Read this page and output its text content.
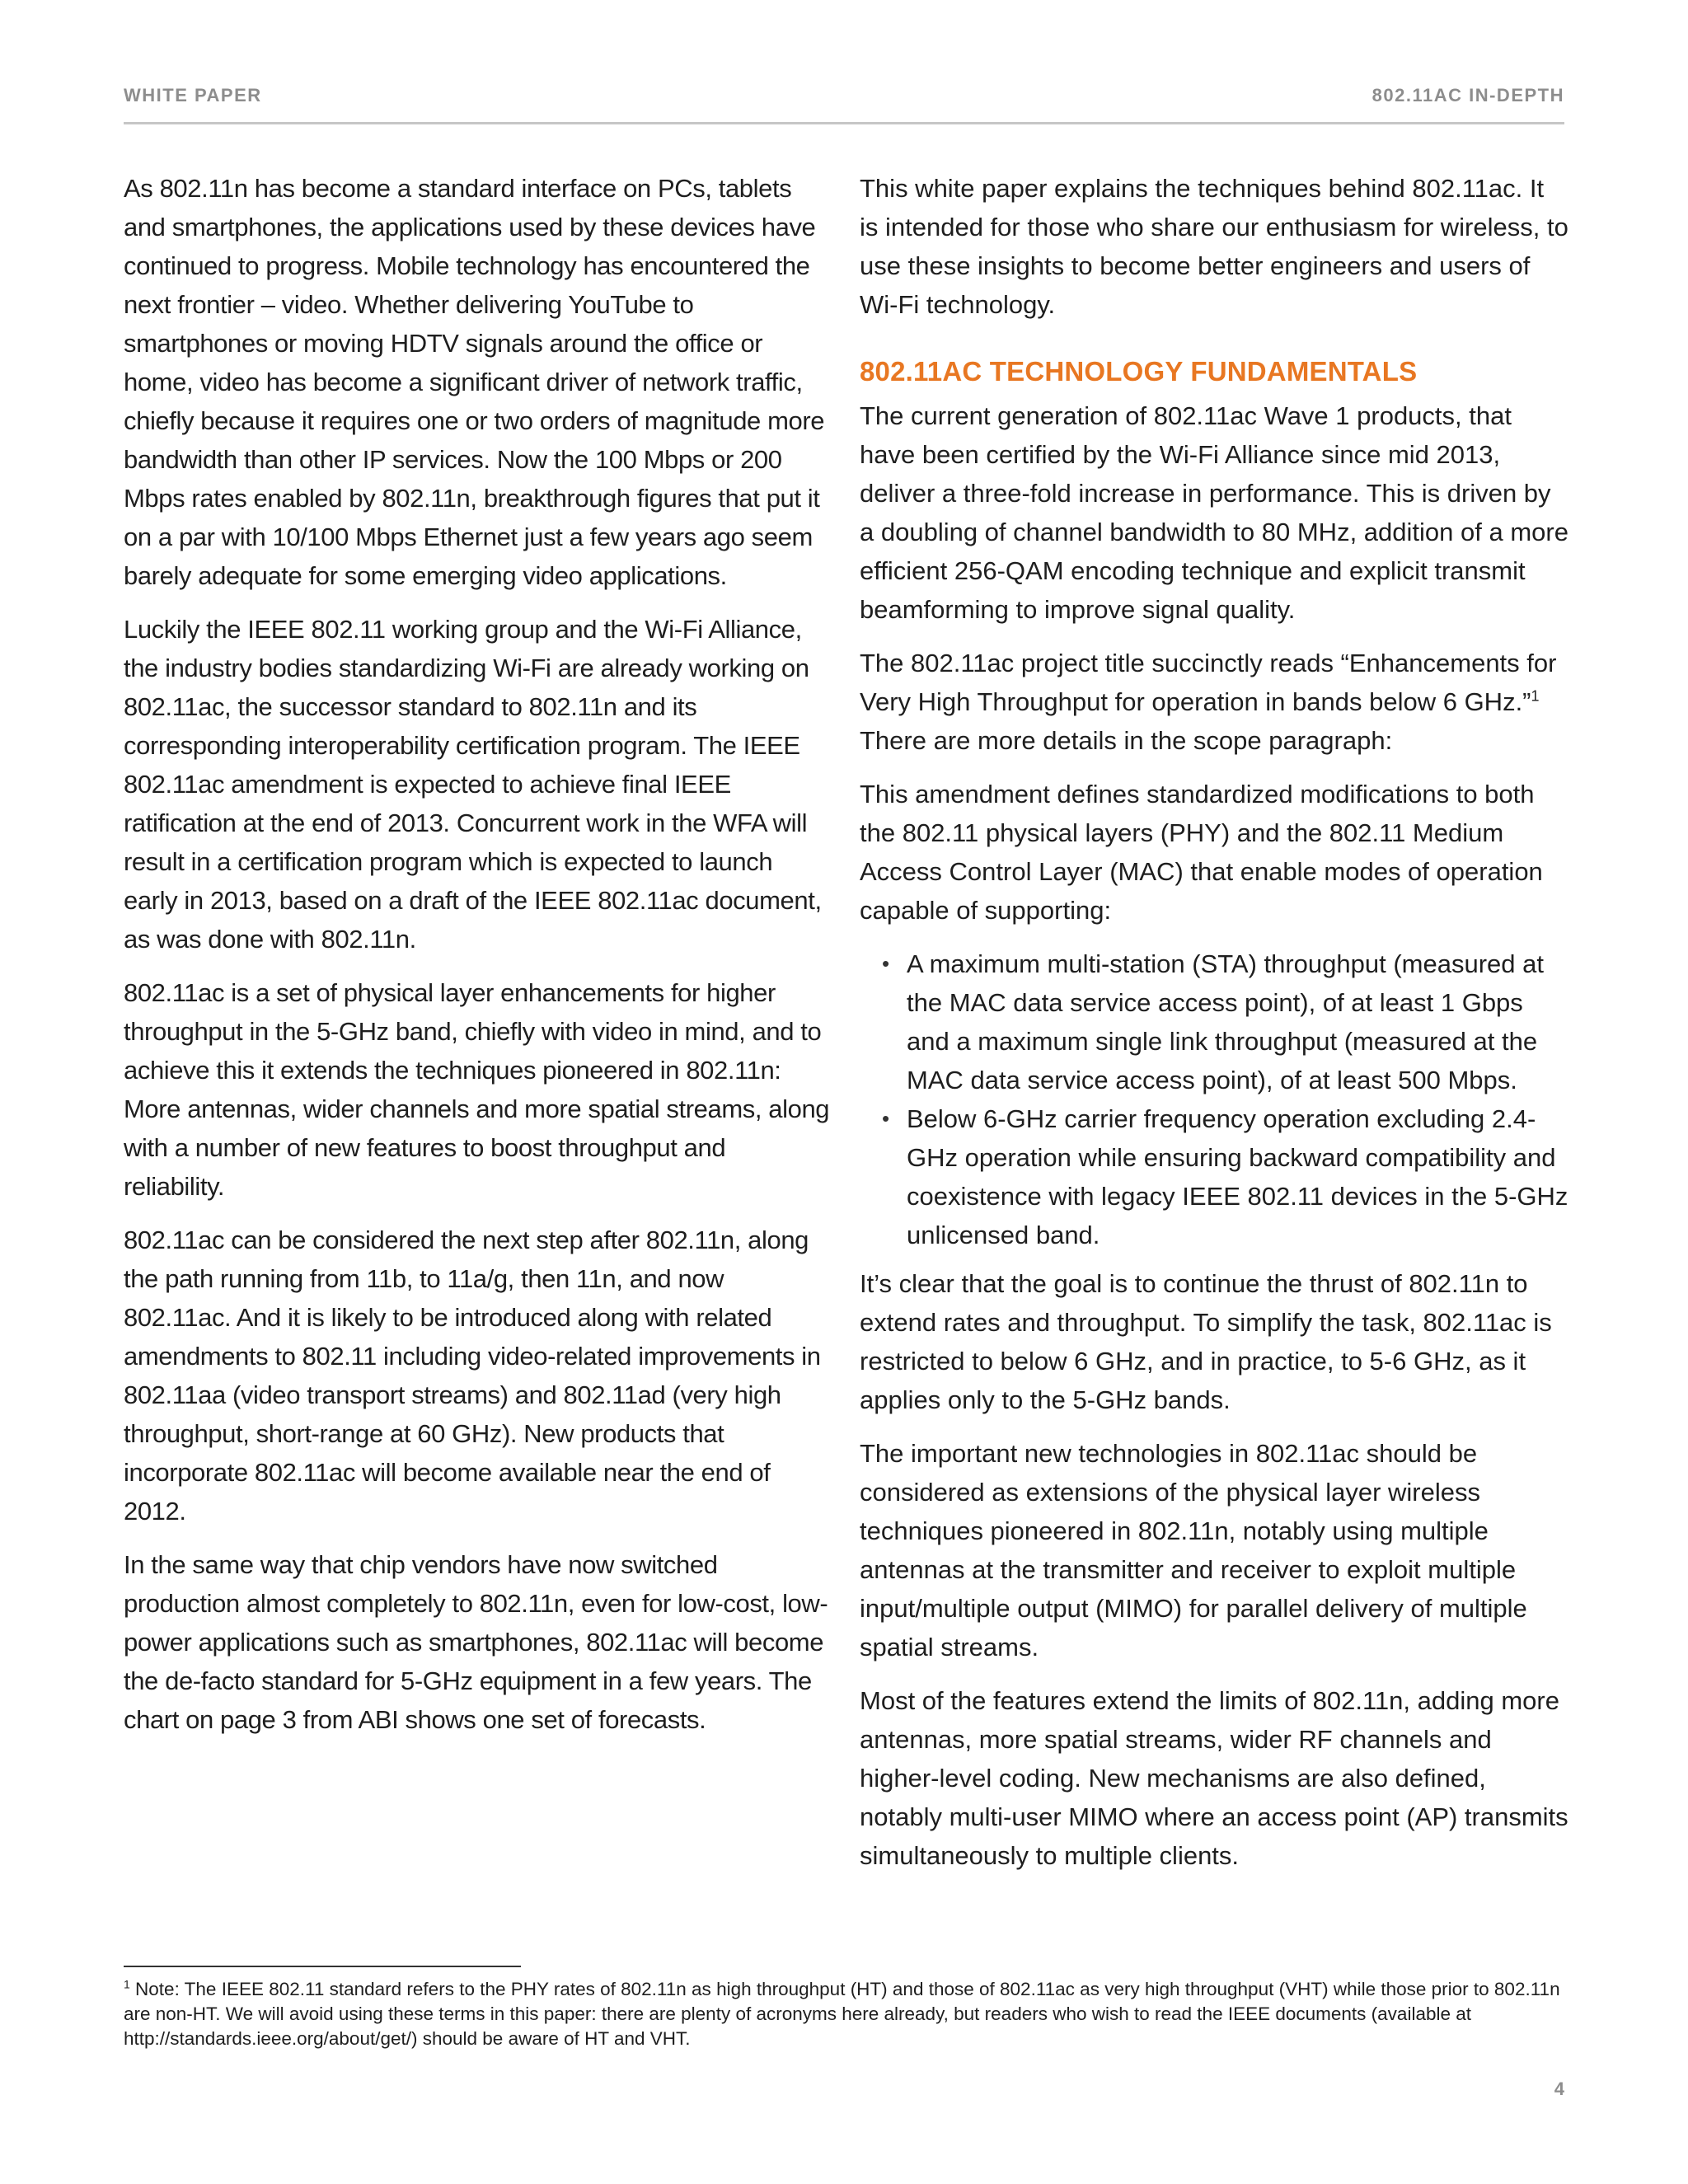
WHITE PAPER	802.11AC IN-DEPTH

As 802.11n has become a standard interface on PCs, tablets and smartphones, the applications used by these devices have continued to progress. Mobile technology has encountered the next frontier – video. Whether delivering YouTube to smartphones or moving HDTV signals around the office or home, video has become a significant driver of network traffic, chiefly because it requires one or two orders of magnitude more bandwidth than other IP services. Now the 100 Mbps or 200 Mbps rates enabled by 802.11n, breakthrough figures that put it on a par with 10/100 Mbps Ethernet just a few years ago seem barely adequate for some emerging video applications.

Luckily the IEEE 802.11 working group and the Wi-Fi Alliance, the industry bodies standardizing Wi-Fi are already working on 802.11ac, the successor standard to 802.11n and its corresponding interoperability certification program. The IEEE 802.11ac amendment is expected to achieve final IEEE ratification at the end of 2013. Concurrent work in the WFA will result in a certification program which is expected to launch early in 2013, based on a draft of the IEEE 802.11ac document, as was done with 802.11n.

802.11ac is a set of physical layer enhancements for higher throughput in the 5-GHz band, chiefly with video in mind, and to achieve this it extends the techniques pioneered in 802.11n: More antennas, wider channels and more spatial streams, along with a number of new features to boost throughput and reliability.

802.11ac can be considered the next step after 802.11n, along the path running from 11b, to 11a/g, then 11n, and now 802.11ac. And it is likely to be introduced along with related amendments to 802.11 including video-related improvements in 802.11aa (video transport streams) and 802.11ad (very high throughput, short-range at 60 GHz). New products that incorporate 802.11ac will become available near the end of 2012.

In the same way that chip vendors have now switched production almost completely to 802.11n, even for low-cost, low-power applications such as smartphones, 802.11ac will become the de-facto standard for 5-GHz equipment in a few years. The chart on page 3 from ABI shows one set of forecasts.

This white paper explains the techniques behind 802.11ac. It is intended for those who share our enthusiasm for wireless, to use these insights to become better engineers and users of Wi-Fi technology.

802.11AC TECHNOLOGY FUNDAMENTALS

The current generation of 802.11ac Wave 1 products, that have been certified by the Wi-Fi Alliance since mid 2013, deliver a three-fold increase in performance. This is driven by a doubling of channel bandwidth to 80 MHz, addition of a more efficient 256-QAM encoding technique and explicit transmit beamforming to improve signal quality.

The 802.11ac project title succinctly reads “Enhancements for Very High Throughput for operation in bands below 6 GHz.”$^1$ There are more details in the scope paragraph:

This amendment defines standardized modifications to both the 802.11 physical layers (PHY) and the 802.11 Medium Access Control Layer (MAC) that enable modes of operation capable of supporting:

• A maximum multi-station (STA) throughput (measured at the MAC data service access point), of at least 1 Gbps and a maximum single link throughput (measured at the MAC data service access point), of at least 500 Mbps.
• Below 6-GHz carrier frequency operation excluding 2.4-GHz operation while ensuring backward compatibility and coexistence with legacy IEEE 802.11 devices in the 5-GHz unlicensed band.

It’s clear that the goal is to continue the thrust of 802.11n to extend rates and throughput. To simplify the task, 802.11ac is restricted to below 6 GHz, and in practice, to 5-6 GHz, as it applies only to the 5-GHz bands.

The important new technologies in 802.11ac should be considered as extensions of the physical layer wireless techniques pioneered in 802.11n, notably using multiple antennas at the transmitter and receiver to exploit multiple input/multiple output (MIMO) for parallel delivery of multiple spatial streams.

Most of the features extend the limits of 802.11n, adding more antennas, more spatial streams, wider RF channels and higher-level coding. New mechanisms are also defined, notably multi-user MIMO where an access point (AP) transmits simultaneously to multiple clients.

$^1$ Note: The IEEE 802.11 standard refers to the PHY rates of 802.11n as high throughput (HT) and those of 802.11ac as very high throughput (VHT) while those prior to 802.11n are non-HT. We will avoid using these terms in this paper: there are plenty of acronyms here already, but readers who wish to read the IEEE documents (available at http://standards.ieee.org/about/get/) should be aware of HT and VHT.
4
